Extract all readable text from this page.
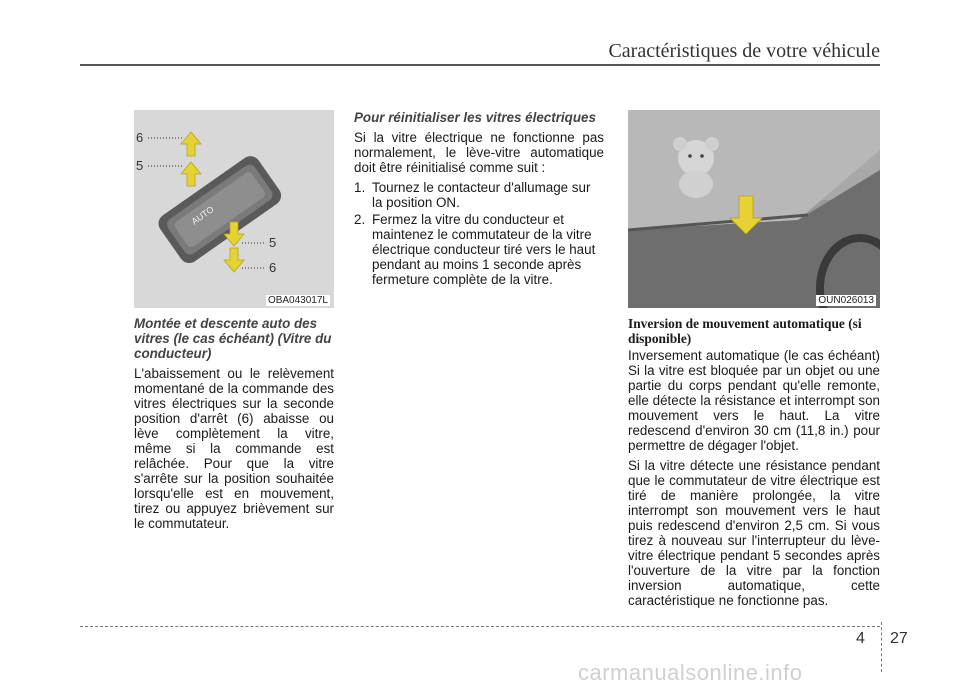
Caractéristiques de votre véhicule
AUTO
6
5
5
6
OBA043017L	OUN026013
Montée et descente auto des vitres (le cas échéant) (Vitre du conducteur)

L'abaissement ou le relèvement momentané de la commande des vitres électriques sur la seconde position d'arrêt (6) abaisse ou lève complètement la vitre, même si la commande est relâchée. Pour que la vitre s'arrête sur la position souhaitée lorsqu'elle est en mouvement, tirez ou appuyez brièvement sur le commutateur.

Pour réinitialiser les vitres électriques

Si la vitre électrique ne fonctionne pas normalement, le lève-vitre automatique doit être réinitialisé comme suit :

1. Tournez le contacteur d'allumage sur la position ON.
2. Fermez la vitre du conducteur et maintenez le commutateur de la vitre électrique conducteur tiré vers le haut pendant au moins 1 seconde après fermeture complète de la vitre.
Inversion de mouvement automatique (si disponible)

Inversement automatique (le cas échéant) Si la vitre est bloquée par un objet ou une partie du corps pendant qu'elle remonte, elle détecte la résistance et interrompt son mouvement vers le haut. La vitre redescend d'environ 30 cm (11,8 in.) pour permettre de dégager l'objet.

Si la vitre détecte une résistance pendant que le commutateur de vitre électrique est tiré de manière prolongée, la vitre interrompt son mouvement vers le haut puis redescend d'environ 2,5 cm. Si vous tirez à nouveau sur l'interrupteur du lève-vitre électrique pendant 5 secondes après l'ouverture de la vitre par la fonction inversion automatique, cette caractéristique ne fonctionne pas.

4 27
carmanualsonline.info
